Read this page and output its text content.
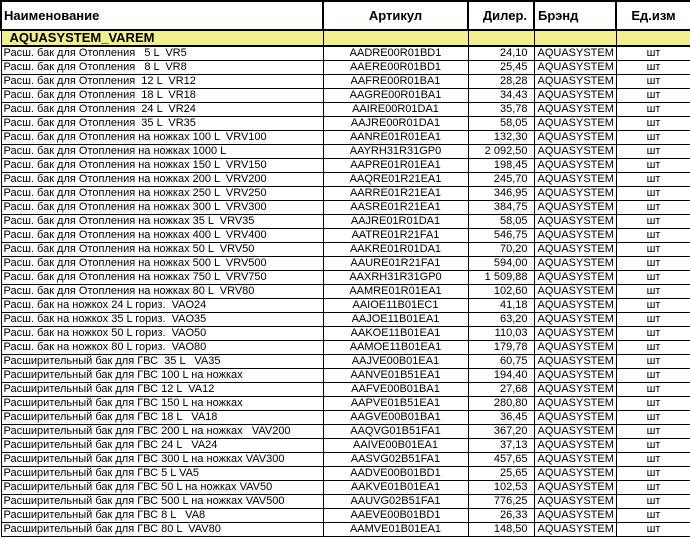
Наименование	Артикул	Дилер.	Брэнд	Ед.изм
AQUASYSTEM_VAREM				
Расш. бак для Отопления   5 L  VR5	AADRE00R01BD1	24,10	AQUASYSTEM	шт
Расш. бак для Отопления   8 L  VR8	AAERE00R01BD1	25,45	AQUASYSTEM	шт
Расш. бак для Отопления  12 L  VR12	AAFRE00R01BA1	28,28	AQUASYSTEM	шт
Расш. бак для Отопления  18 L  VR18	AAGRE00R01BA1	34,43	AQUASYSTEM	шт
Расш. бак для Отопления  24 L  VR24	AAIRE00R01DA1	35,78	AQUASYSTEM	шт
Расш. бак для Отопления  35 L  VR35	AAJRE00R01DA1	58,05	AQUASYSTEM	шт
Расш. бак для Отопления на ножках 100 L  VRV100	AANRE01R01EA1	132,30	AQUASYSTEM	шт
Расш. бак для Отопления на ножках 1000 L	AAYRH31R31GP0	2 092,50	AQUASYSTEM	шт
Расш. бак для Отопления на ножках 150 L  VRV150	AAPRE01R01EA1	198,45	AQUASYSTEM	шт
Расш. бак для Отопления на ножках 200 L  VRV200	AAQRE01R21EA1	245,70	AQUASYSTEM	шт
Расш. бак для Отопления на ножках 250 L  VRV250	AARRE01R21EA1	346,95	AQUASYSTEM	шт
Расш. бак для Отопления на ножках 300 L  VRV300	AASRE01R21EA1	384,75	AQUASYSTEM	шт
Расш. бак для Отопления на ножках 35 L  VRV35	AAJRE01R01DA1	58,05	AQUASYSTEM	шт
Расш. бак для Отопления на ножках 400 L  VRV400	AATRE01R21FA1	546,75	AQUASYSTEM	шт
Расш. бак для Отопления на ножках 50 L  VRV50	AAKRE01R01DA1	70,20	AQUASYSTEM	шт
Расш. бак для Отопления на ножках 500 L  VRV500	AAURE01R21FA1	594,00	AQUASYSTEM	шт
Расш. бак для Отопления на ножках 750 L  VRV750	AAXRH31R31GP0	1 509,88	AQUASYSTEM	шт
Расш. бак для Отопления на ножках 80 L  VRV80	AAMRE01R01EA1	102,60	AQUASYSTEM	шт
Расш. бак на ножкох 24 L гориз.  VAO24	AAIOE11B01EC1	41,18	AQUASYSTEM	шт
Расш. бак на ножкох 35 L гориз.  VAO35	AAJOE11B01EA1	63,20	AQUASYSTEM	шт
Расш. бак на ножкох 50 L гориз.  VAO50	AAKOE11B01EA1	110,03	AQUASYSTEM	шт
Расш. бак на ножкох 80 L гориз.  VAO80	AAMOE11B01EA1	179,78	AQUASYSTEM	шт
Расширительный бак для ГВС  35 L   VA35	AAJVE00B01EA1	60,75	AQUASYSTEM	шт
Расширительный бак для ГВС 100 L на ножках	AANVE01B51EA1	194,40	AQUASYSTEM	шт
Расширительный бак для ГВС 12 L  VA12	AAFVE00B01BA1	27,68	AQUASYSTEM	шт
Расширительный бак для ГВС 150 L на ножках	AAPVE01B51EA1	280,80	AQUASYSTEM	шт
Расширительный бак для ГВС 18 L   VA18	AAGVE00B01BA1	36,45	AQUASYSTEM	шт
Расширительный бак для ГВС 200 L на ножках   VAV200	AAQVG01B51FA1	367,20	AQUASYSTEM	шт
Расширительный бак для ГВС 24 L   VA24	AAIVE00B01EA1	37,13	AQUASYSTEM	шт
Расширительный бак для ГВС 300 L на ножках VAV300	AASVG02B51FA1	457,65	AQUASYSTEM	шт
Расширительный бак для ГВС 5 L VA5	AADVE00B01BD1	25,65	AQUASYSTEM	шт
Расширительный бак для ГВС 50 L на ножках VAV50	AAKVE01B01EA1	102,53	AQUASYSTEM	шт
Расширительный бак для ГВС 500 L на ножках VAV500	AAUVG02B51FA1	776,25	AQUASYSTEM	шт
Расширительный бак для ГВС 8 L   VA8	AAEVE00B01BD1	26,33	AQUASYSTEM	шт
Расширительный бак для ГВС 80 L  VAV80	AAMVE01B01EA1	148,50	AQUASYSTEM	шт
